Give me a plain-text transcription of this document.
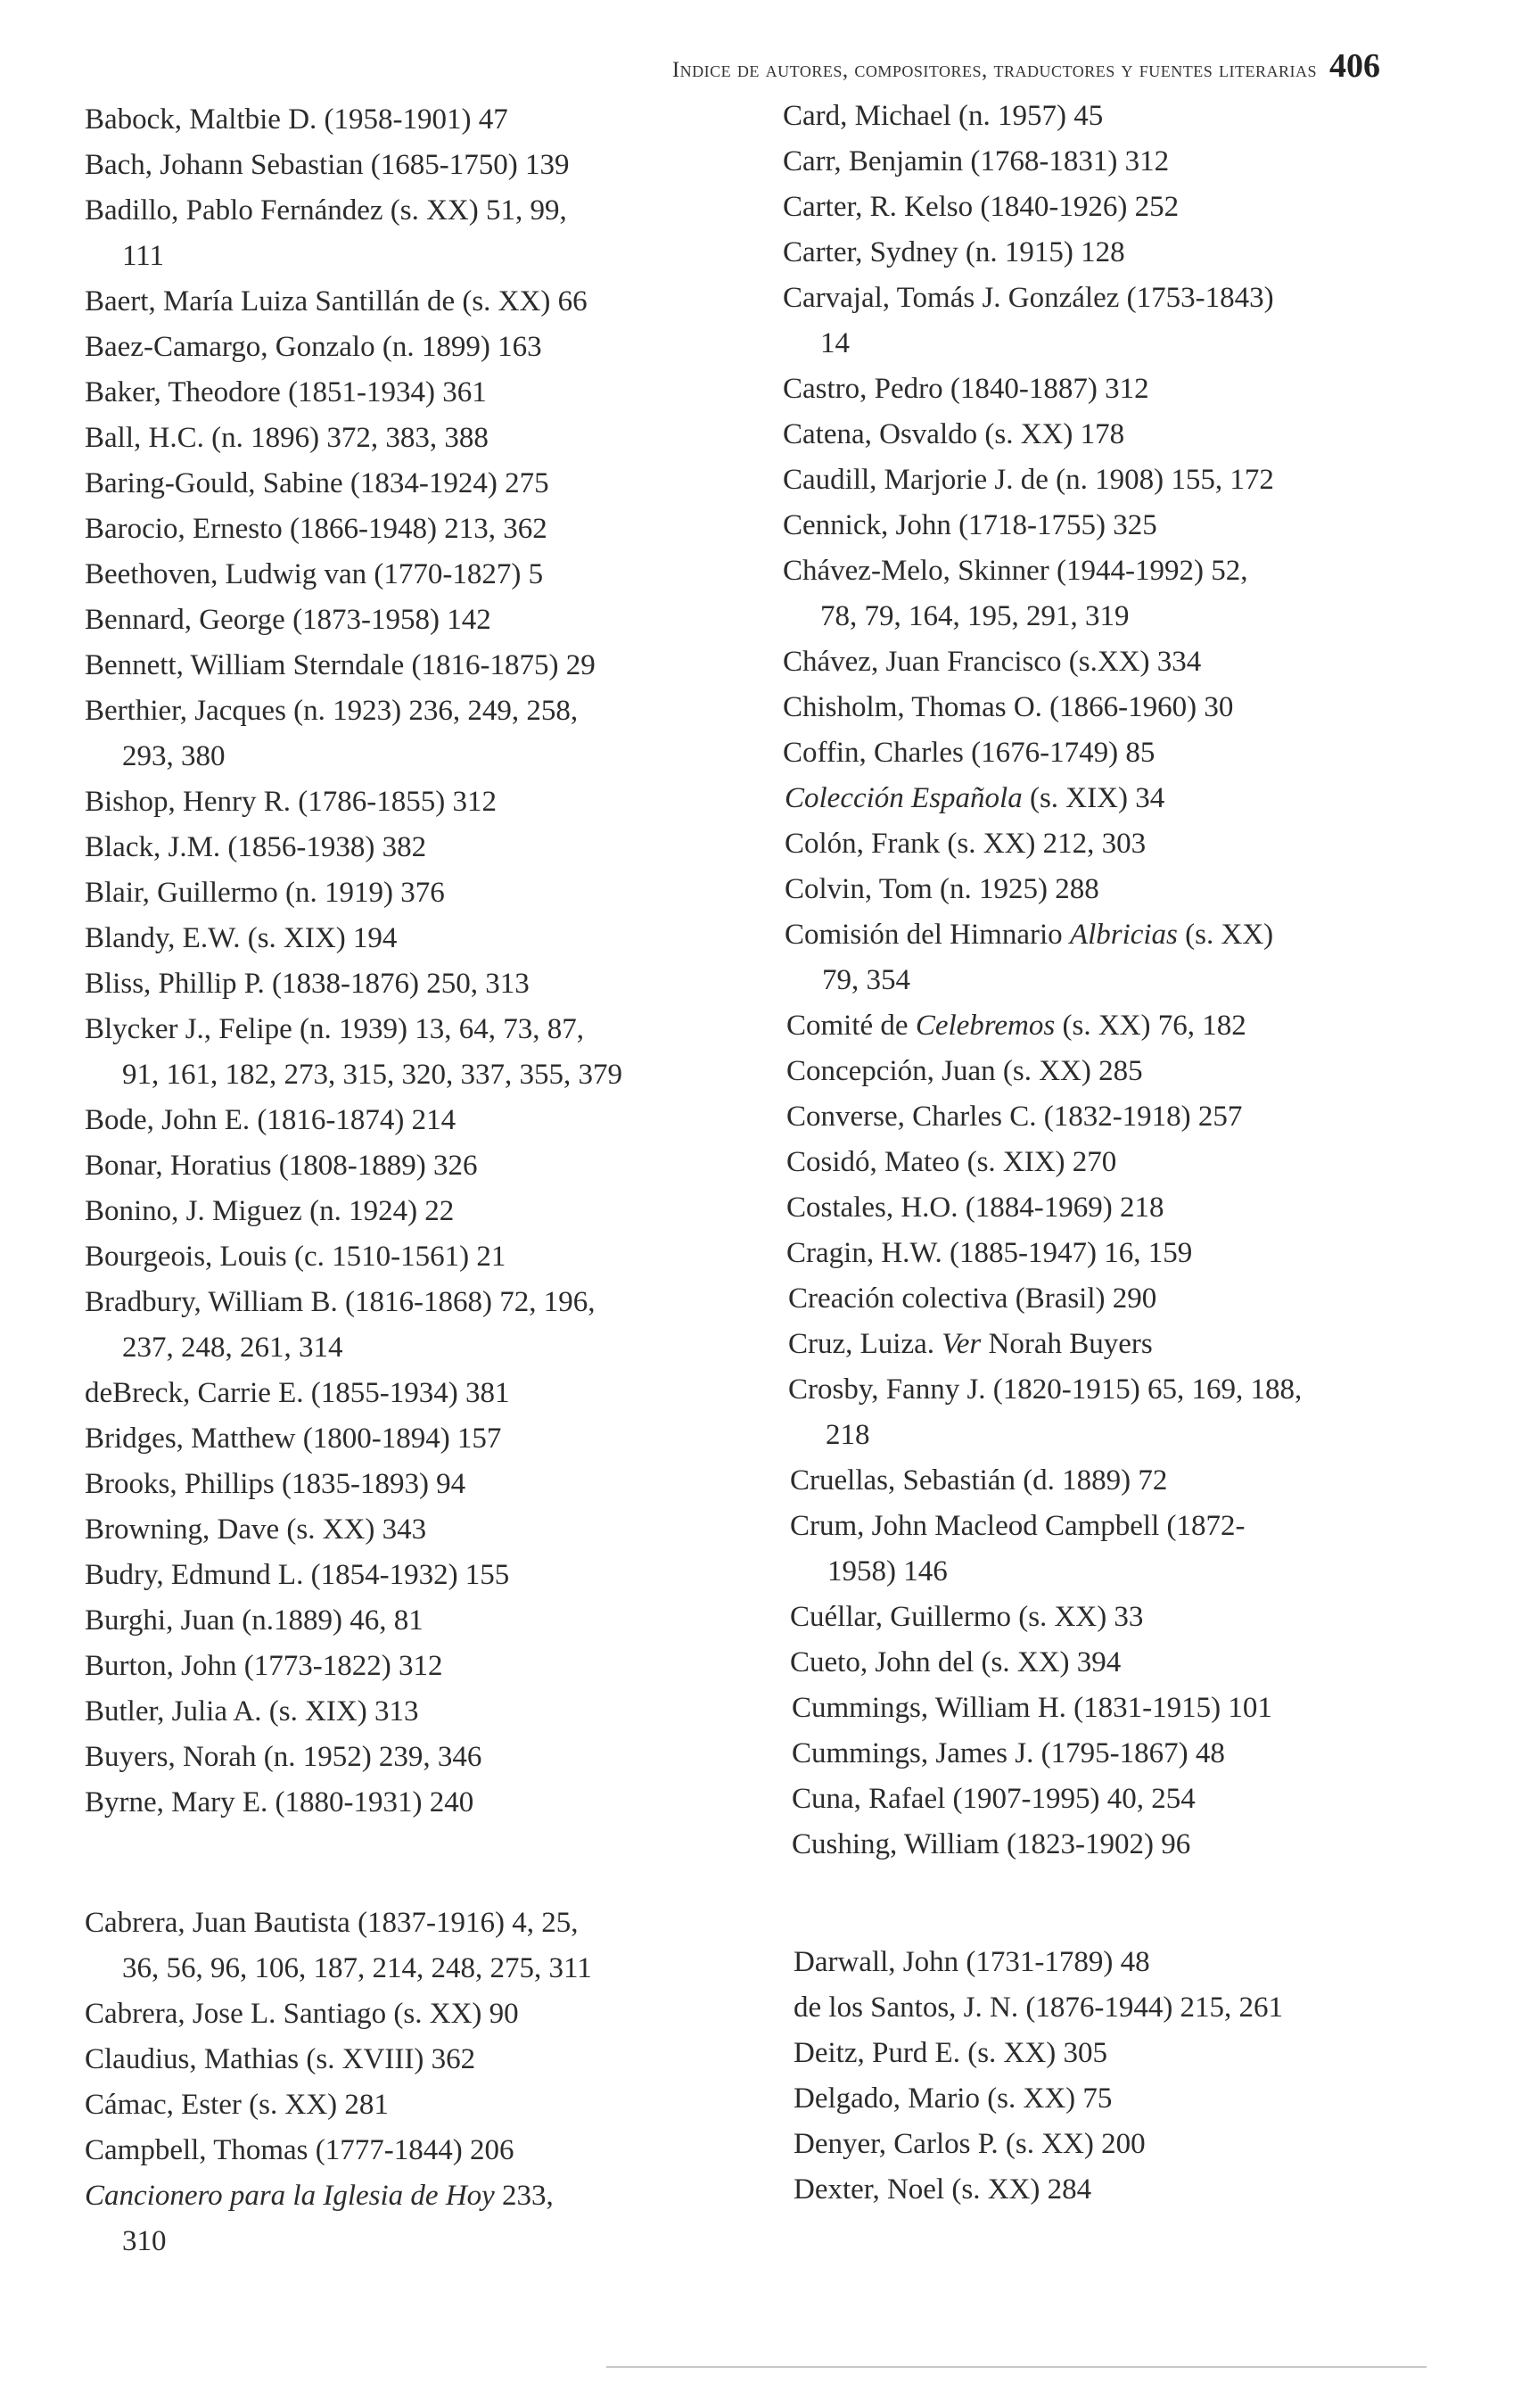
Indice de autores, compositores, traductores y fuentes literarias 406
Babock, Maltbie D. (1958-1901) 47
Bach, Johann Sebastian (1685-1750) 139
Badillo, Pablo Fernández (s. XX) 51, 99,
111
Baert, María Luiza Santillán de (s. XX) 66
Baez-Camargo, Gonzalo (n. 1899) 163
Baker, Theodore (1851-1934) 361
Ball, H.C. (n. 1896) 372, 383, 388
Baring-Gould, Sabine (1834-1924) 275
Barocio, Ernesto (1866-1948) 213, 362
Beethoven, Ludwig van (1770-1827) 5
Bennard, George (1873-1958) 142
Bennett, William Sterndale (1816-1875) 29
Berthier, Jacques (n. 1923) 236, 249, 258,
293, 380
Bishop, Henry R. (1786-1855) 312
Black, J.M. (1856-1938) 382
Blair, Guillermo (n. 1919) 376
Blandy, E.W. (s. XIX) 194
Bliss, Phillip P. (1838-1876) 250, 313
Blycker J., Felipe (n. 1939) 13, 64, 73, 87,
91, 161, 182, 273, 315, 320, 337, 355, 379
Bode, John E. (1816-1874) 214
Bonar, Horatius (1808-1889) 326
Bonino, J. Miguez (n. 1924) 22
Bourgeois, Louis (c. 1510-1561) 21
Bradbury, William B. (1816-1868) 72, 196,
237, 248, 261, 314
deBreck, Carrie E. (1855-1934) 381
Bridges, Matthew (1800-1894) 157
Brooks, Phillips (1835-1893) 94
Browning, Dave (s. XX) 343
Budry, Edmund L. (1854-1932) 155
Burghi, Juan (n.1889) 46, 81
Burton, John (1773-1822) 312
Butler, Julia A. (s. XIX) 313
Buyers, Norah (n. 1952) 239, 346
Byrne, Mary E. (1880-1931) 240
Cabrera, Juan Bautista (1837-1916) 4, 25,
36, 56, 96, 106, 187, 214, 248, 275, 311
Cabrera, Jose L. Santiago (s. XX) 90
Claudius, Mathias (s. XVIII) 362
Cámac, Ester (s. XX) 281
Campbell, Thomas (1777-1844) 206
Cancionero para la Iglesia de Hoy 233,
310
Card, Michael (n. 1957) 45
Carr, Benjamin (1768-1831) 312
Carter, R. Kelso (1840-1926) 252
Carter, Sydney (n. 1915) 128
Carvajal, Tomás J. González (1753-1843)
14
Castro, Pedro (1840-1887) 312
Catena, Osvaldo (s. XX) 178
Caudill, Marjorie J. de (n. 1908) 155, 172
Cennick, John (1718-1755) 325
Chávez-Melo, Skinner (1944-1992) 52,
78, 79, 164, 195, 291, 319
Chávez, Juan Francisco (s.XX) 334
Chisholm, Thomas O. (1866-1960) 30
Coffin, Charles (1676-1749) 85
Colección Española (s. XIX) 34
Colón, Frank (s. XX) 212, 303
Colvin, Tom (n. 1925) 288
Comisión del Himnario Albricias (s. XX)
79, 354
Comité de Celebremos (s. XX) 76, 182
Concepción, Juan (s. XX) 285
Converse, Charles C. (1832-1918) 257
Cosidó, Mateo (s. XIX) 270
Costales, H.O. (1884-1969) 218
Cragin, H.W. (1885-1947) 16, 159
Creación colectiva (Brasil) 290
Cruz, Luiza. Ver Norah Buyers
Crosby, Fanny J. (1820-1915) 65, 169, 188,
218
Cruellas, Sebastián (d. 1889) 72
Crum, John Macleod Campbell (1872-
1958) 146
Cuéllar, Guillermo (s. XX) 33
Cueto, John del (s. XX) 394
Cummings, William H. (1831-1915) 101
Cummings, James J. (1795-1867) 48
Cuna, Rafael (1907-1995) 40, 254
Cushing, William (1823-1902) 96
Darwall, John (1731-1789) 48
de los Santos, J. N. (1876-1944) 215, 261
Deitz, Purd E. (s. XX) 305
Delgado, Mario (s. XX) 75
Denyer, Carlos P. (s. XX) 200
Dexter, Noel (s. XX) 284
